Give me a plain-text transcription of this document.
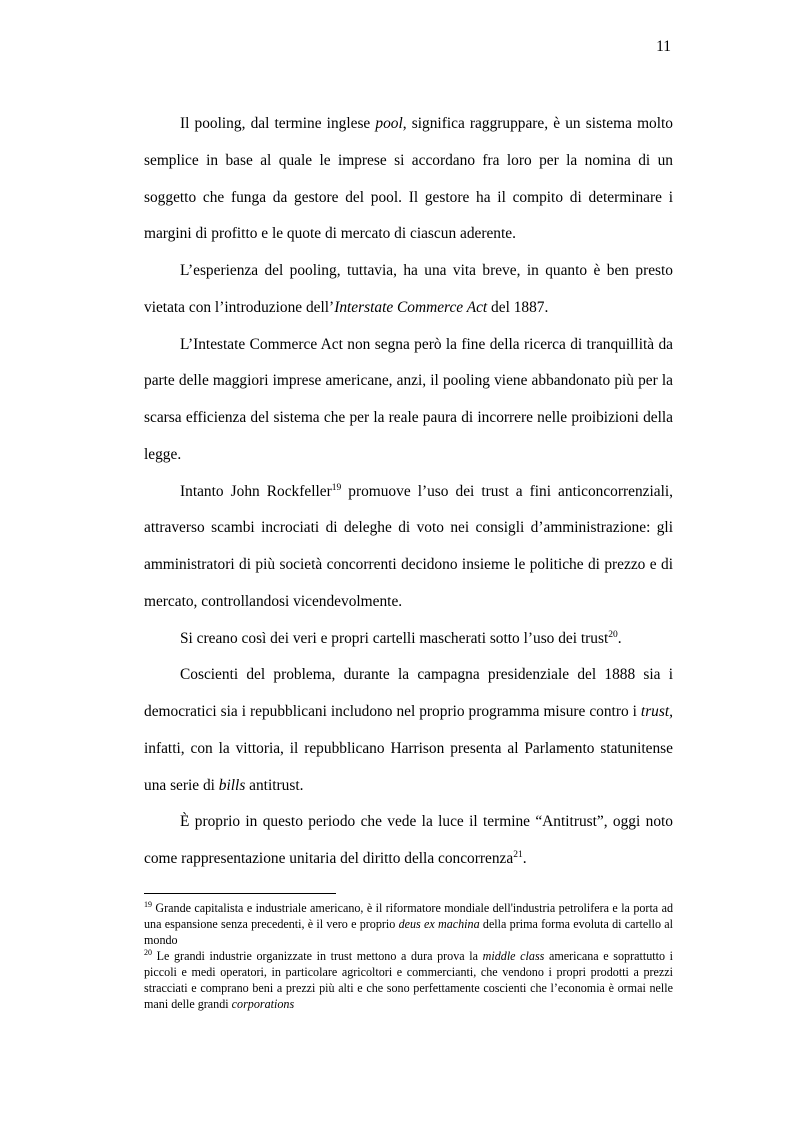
11

Il pooling, dal termine inglese pool, significa raggruppare, è un sistema molto semplice in base al quale le imprese si accordano fra loro per la nomina di un soggetto che funga da gestore del pool. Il gestore ha il compito di determinare i margini di profitto e le quote di mercato di ciascun aderente.

L’esperienza del pooling, tuttavia, ha una vita breve, in quanto è ben presto vietata con l’introduzione dell’Interstate Commerce Act del 1887.

L’Intestate Commerce Act non segna però la fine della ricerca di tranquillità da parte delle maggiori imprese americane, anzi, il pooling viene abbandonato più per la scarsa efficienza del sistema che per la reale paura di incorrere nelle proibizioni della legge.

Intanto John Rockfeller$^{19}$ promuove l’uso dei trust a fini anticoncorrenziali, attraverso scambi incrociati di deleghe di voto nei consigli d’amministrazione: gli amministratori di più società concorrenti decidono insieme le politiche di prezzo e di mercato, controllandosi vicendevolmente.

Si creano così dei veri e propri cartelli mascherati sotto l’uso dei trust$^{20}$.

Coscienti del problema, durante la campagna presidenziale del 1888 sia i democratici sia i repubblicani includono nel proprio programma misure contro i trust, infatti, con la vittoria, il repubblicano Harrison presenta al Parlamento statunitense una serie di bills antitrust.

È proprio in questo periodo che vede la luce il termine “Antitrust”, oggi noto come rappresentazione unitaria del diritto della concorrenza$^{21}$.

$^{19}$ Grande capitalista e industriale americano, è il riformatore mondiale dell'industria petrolifera e la porta ad una espansione senza precedenti, è il vero e proprio deus ex machina della prima forma evoluta di cartello al mondo

$^{20}$ Le grandi industrie organizzate in trust mettono a dura prova la middle class americana e soprattutto i piccoli e medi operatori, in particolare agricoltori e commercianti, che vendono i propri prodotti a prezzi stracciati e comprano beni a prezzi più alti e che sono perfettamente coscienti che l’economia è ormai nelle mani delle grandi corporations
